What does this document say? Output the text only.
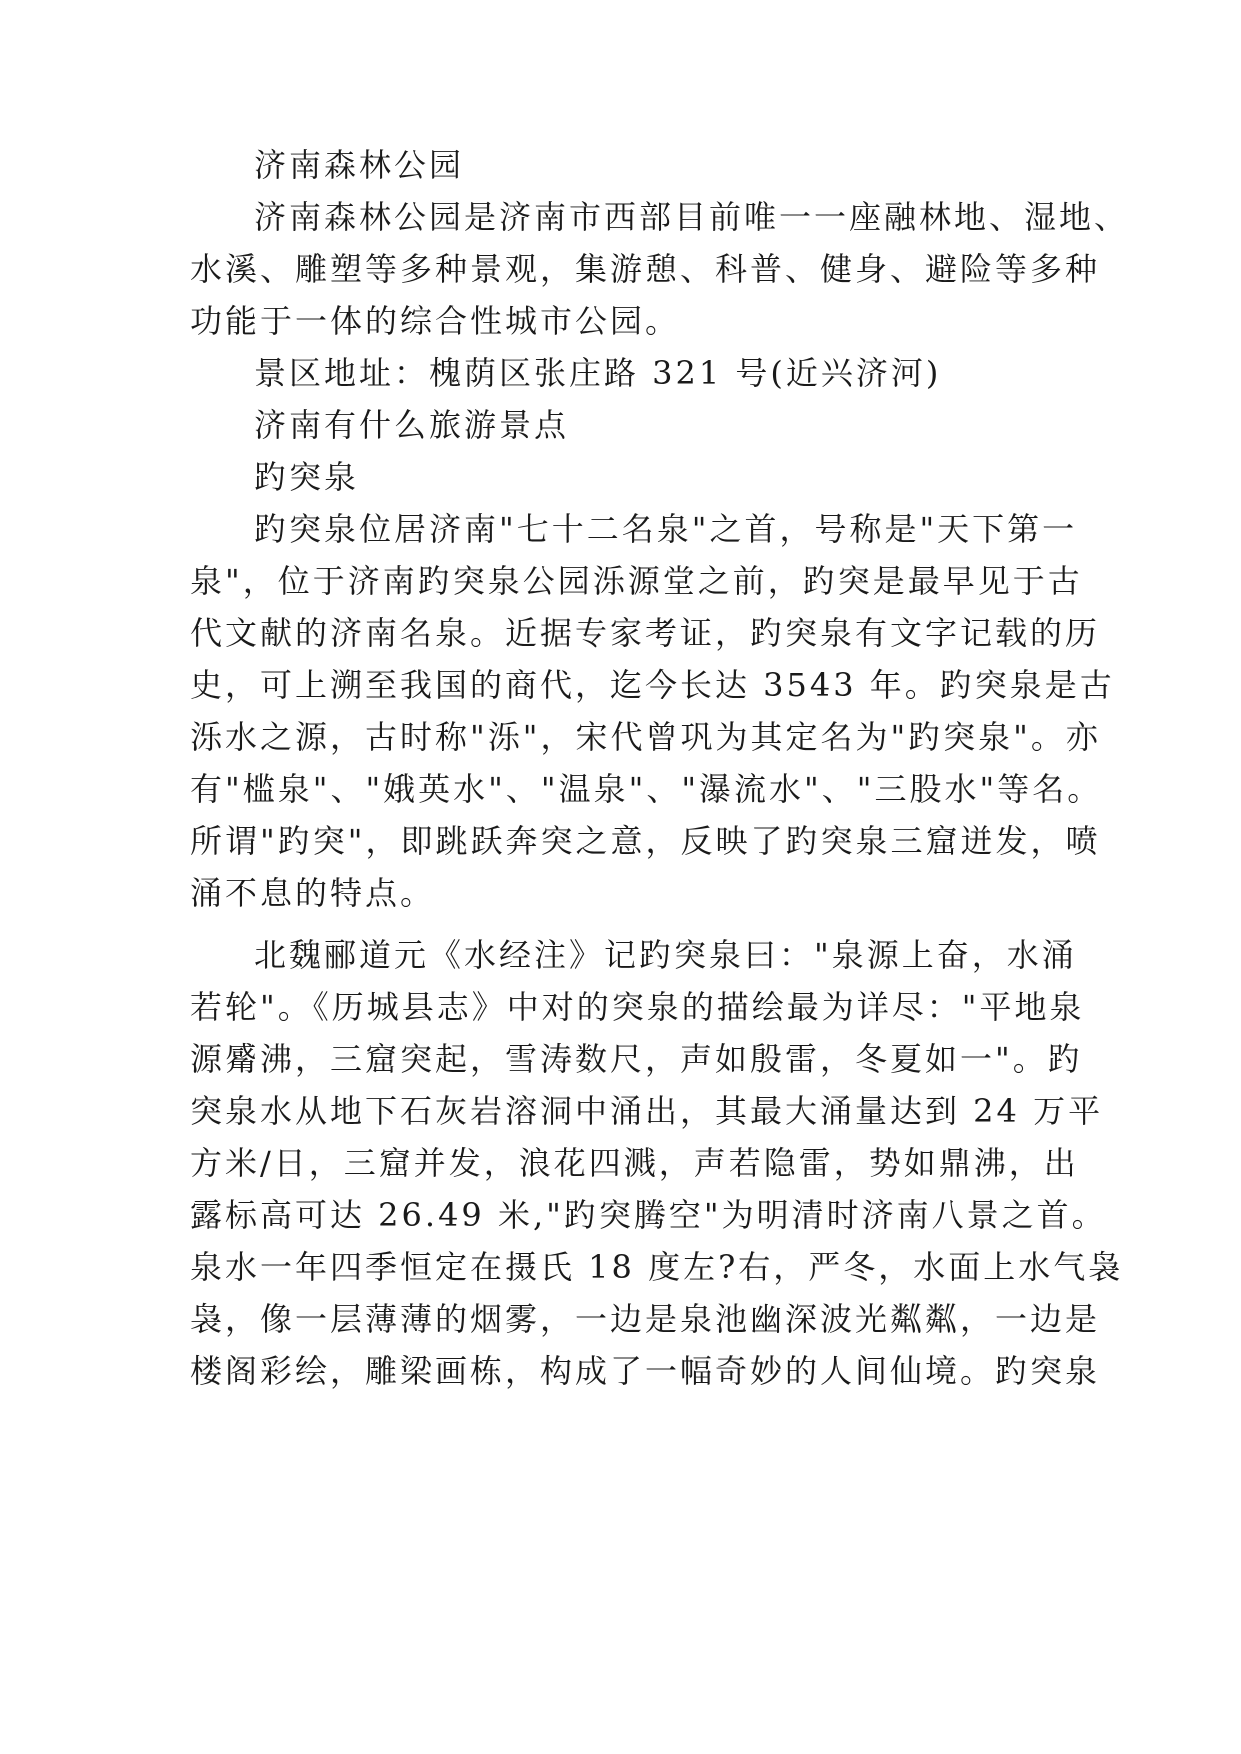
济南森林公园
济南森林公园是济南市西部目前唯一一座融林地、湿地、
水溪、雕塑等多种景观，集游憩、科普、健身、避险等多种
功能于一体的综合性城市公园。
景区地址：槐荫区张庄路 321 号(近兴济河)
济南有什么旅游景点
趵突泉
趵突泉位居济南"七十二名泉"之首，号称是"天下第一
泉"，位于济南趵突泉公园泺源堂之前，趵突是最早见于古
代文献的济南名泉。近据专家考证，趵突泉有文字记载的历
史，可上溯至我国的商代，迄今长达 3543 年。趵突泉是古
泺水之源，古时称"泺"，宋代曾巩为其定名为"趵突泉"。亦
有"槛泉"、"娥英水"、"温泉"、"瀑流水"、"三股水"等名。
所谓"趵突"，即跳跃奔突之意，反映了趵突泉三窟迸发，喷
涌不息的特点。
北魏郦道元《水经注》记趵突泉曰："泉源上奋，水涌
若轮"。《历城县志》中对的突泉的描绘最为详尽："平地泉
源觱沸，三窟突起，雪涛数尺，声如殷雷，冬夏如一"。趵
突泉水从地下石灰岩溶洞中涌出，其最大涌量达到 24 万平
方米/日，三窟并发，浪花四溅，声若隐雷，势如鼎沸，出
露标高可达 26.49 米,"趵突腾空"为明清时济南八景之首。
泉水一年四季恒定在摄氏 18 度左?右，严冬，水面上水气袅
袅，像一层薄薄的烟雾，一边是泉池幽深波光粼粼，一边是
楼阁彩绘，雕梁画栋，构成了一幅奇妙的人间仙境。趵突泉
